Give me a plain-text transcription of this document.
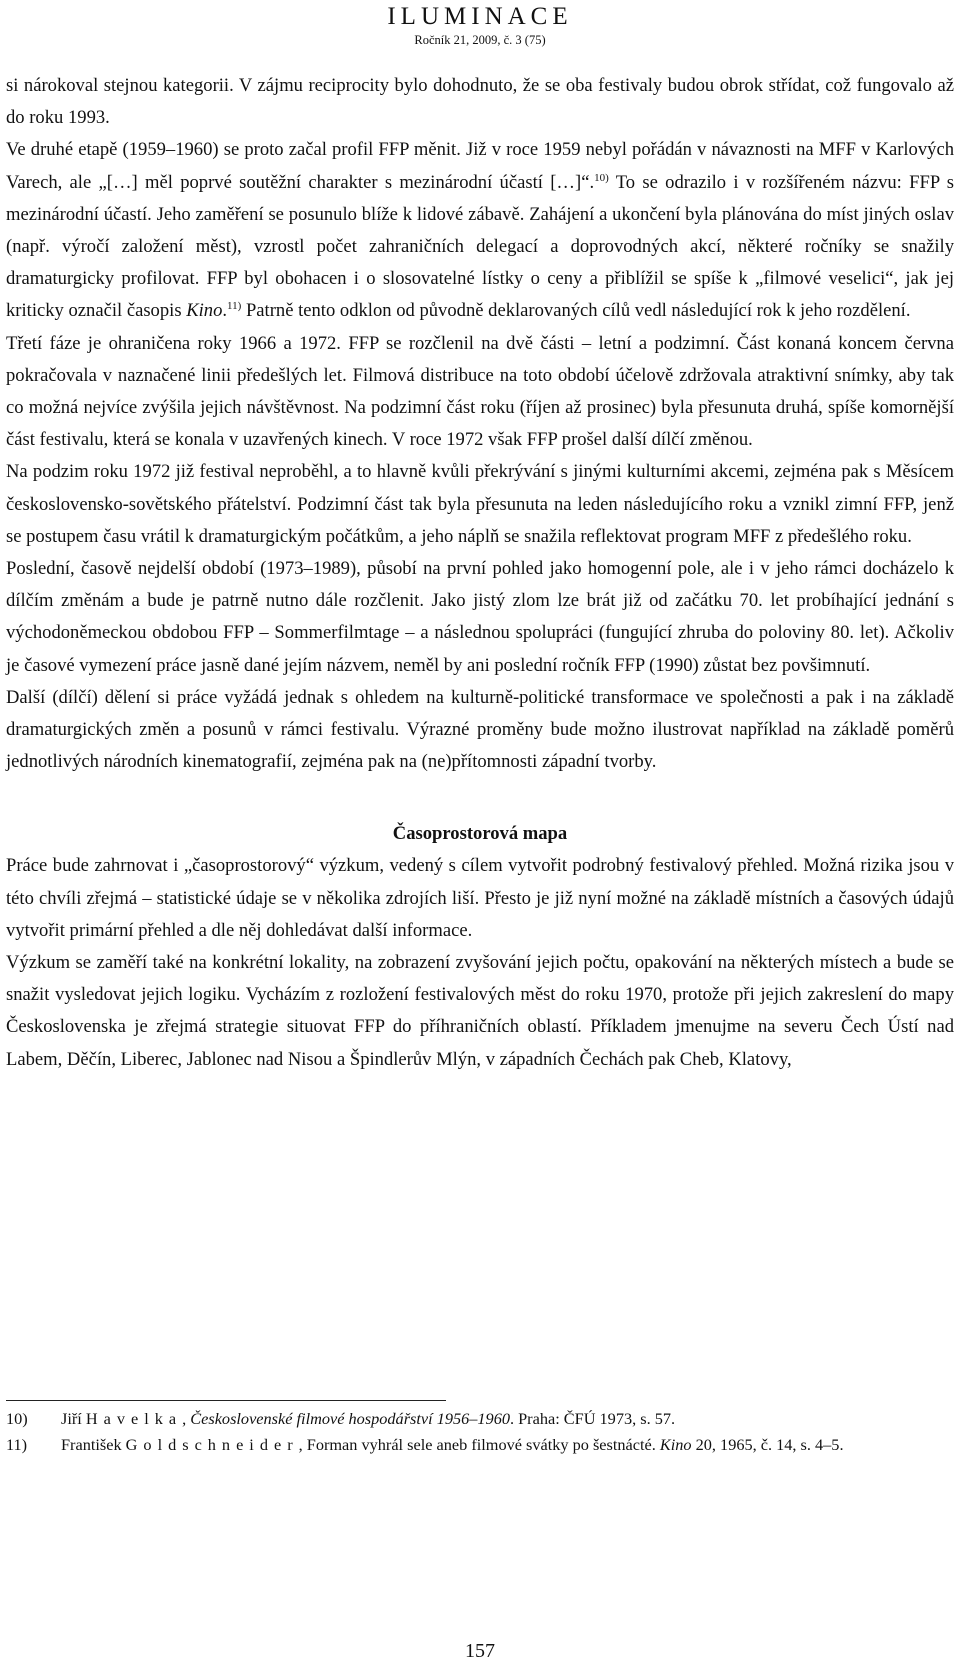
ILUMINACE
Ročník 21, 2009, č. 3 (75)

si nárokoval stejnou kategorii. V zájmu reciprocity bylo dohodnuto, že se oba festivaly budou obrok střídat, což fungovalo až do roku 1993.

Ve druhé etapě (1959–1960) se proto začal profil FFP měnit. Již v roce 1959 nebyl pořádán v návaznosti na MFF v Karlových Varech, ale „[…] měl poprvé soutěžní charakter s mezinárodní účastí […]“.$^{10)}$ To se odrazilo i v rozšířeném názvu: FFP s mezinárodní účastí. Jeho zaměření se posunulo blíže k lidové zábavě. Zahájení a ukončení byla plánována do míst jiných oslav (např. výročí založení měst), vzrostl počet zahraničních delegací a doprovodných akcí, některé ročníky se snažily dramaturgicky profilovat. FFP byl obohacen i o slosovatelné lístky o ceny a přiblížil se spíše k „filmové veselici“, jak jej kriticky označil časopis Kino.$^{11)}$ Patrně tento odklon od původně deklarovaných cílů vedl následující rok k jeho rozdělení.

Třetí fáze je ohraničena roky 1966 a 1972. FFP se rozčlenil na dvě části – letní a podzimní. Část konaná koncem června pokračovala v naznačené linii předešlých let. Filmová distribuce na toto období účelově zdržovala atraktivní snímky, aby tak co možná nejvíce zvýšila jejich návštěvnost. Na podzimní část roku (říjen až prosinec) byla přesunuta druhá, spíše komornější část festivalu, která se konala v uzavřených kinech. V roce 1972 však FFP prošel další dílčí změnou.

Na podzim roku 1972 již festival neproběhl, a to hlavně kvůli překrývání s jinými kulturními akcemi, zejména pak s Měsícem československo-sovětského přátelství. Podzimní část tak byla přesunuta na leden následujícího roku a vznikl zimní FFP, jenž se postupem času vrátil k dramaturgickým počátkům, a jeho náplň se snažila reflektovat program MFF z předešlého roku.

Poslední, časově nejdelší období (1973–1989), působí na první pohled jako homogenní pole, ale i v jeho rámci docházelo k dílčím změnám a bude je patrně nutno dále rozčlenit. Jako jistý zlom lze brát již od začátku 70. let probíhající jednání s východoněmeckou obdobou FFP – Sommerfilmtage – a následnou spolupráci (fungující zhruba do poloviny 80. let). Ačkoliv je časové vymezení práce jasně dané jejím názvem, neměl by ani poslední ročník FFP (1990) zůstat bez povšimnutí.

Další (dílčí) dělení si práce vyžádá jednak s ohledem na kulturně-politické transformace ve společnosti a pak i na základě dramaturgických změn a posunů v rámci festivalu. Výrazné proměny bude možno ilustrovat například na základě poměrů jednotlivých národních kinematografií, zejména pak na (ne)přítomnosti západní tvorby.

Časoprostorová mapa

Práce bude zahrnovat i „časoprostorový“ výzkum, vedený s cílem vytvořit podrobný festivalový přehled. Možná rizika jsou v této chvíli zřejmá – statistické údaje se v několika zdrojích liší. Přesto je již nyní možné na základě místních a časových údajů vytvořit primární přehled a dle něj dohledávat další informace.

Výzkum se zaměří také na konkrétní lokality, na zobrazení zvyšování jejich počtu, opakování na některých místech a bude se snažit vysledovat jejich logiku. Vycházím z rozložení festivalových měst do roku 1970, protože při jejich zakreslení do mapy Československa je zřejmá strategie situovat FFP do příhraničních oblastí. Příkladem jmenujme na severu Čech Ústí nad Labem, Děčín, Liberec, Jablonec nad Nisou a Špindlerův Mlýn, v západních Čechách pak Cheb, Klatovy,

10) Jiří Havelka, Československé filmové hospodářství 1956–1960. Praha: ČFÚ 1973, s. 57.

11) František Goldschneider, Forman vyhrál sele aneb filmové svátky po šestnácté. Kino 20, 1965, č. 14, s. 4–5.

157
